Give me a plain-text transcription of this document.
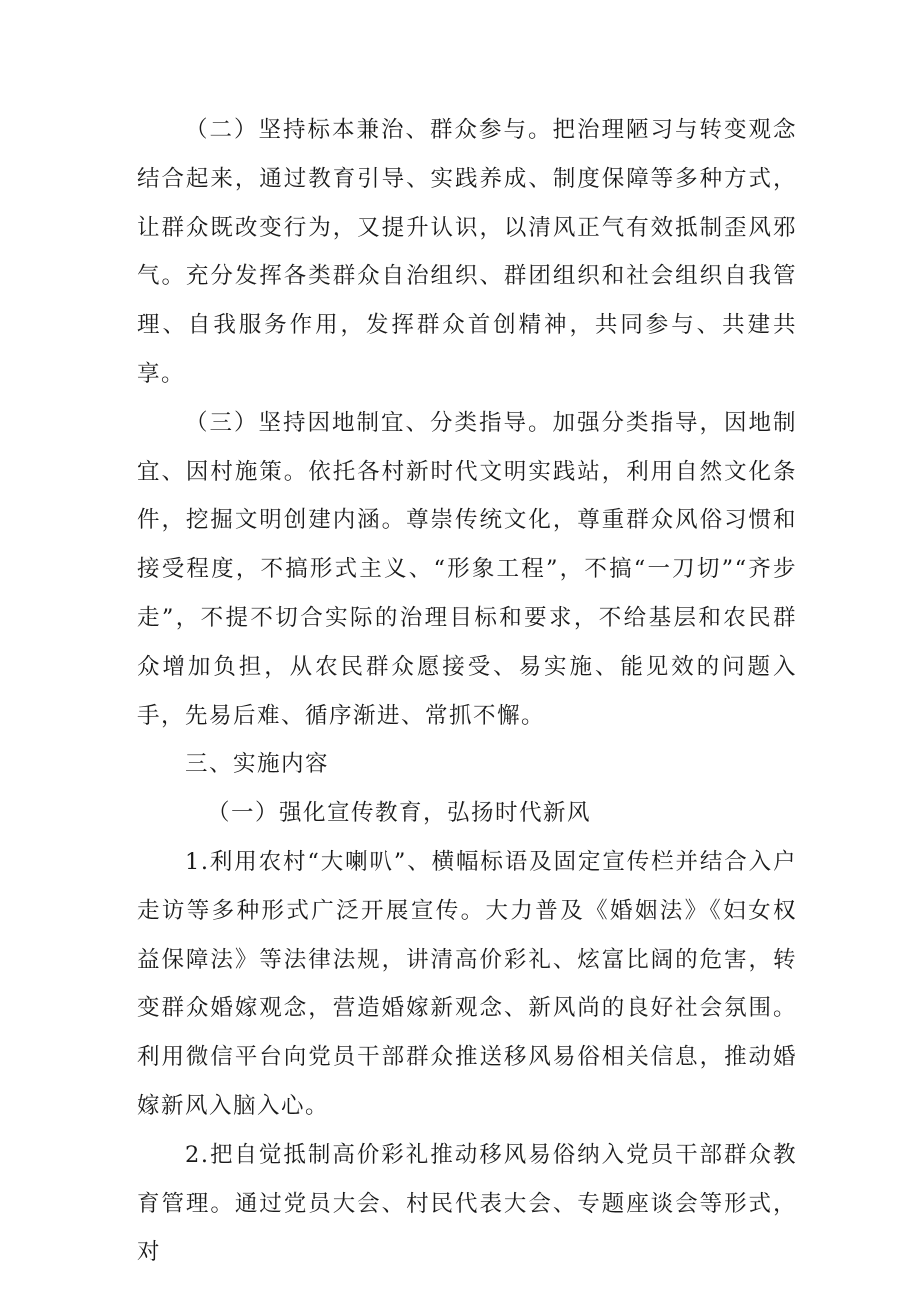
（二）坚持标本兼治、群众参与。把治理陋习与转变观念结合起来，通过教育引导、实践养成、制度保障等多种方式，让群众既改变行为，又提升认识，以清风正气有效抵制歪风邪气。充分发挥各类群众自治组织、群团组织和社会组织自我管理、自我服务作用，发挥群众首创精神，共同参与、共建共享。

（三）坚持因地制宜、分类指导。加强分类指导，因地制宜、因村施策。依托各村新时代文明实践站，利用自然文化条件，挖掘文明创建内涵。尊崇传统文化，尊重群众风俗习惯和接受程度，不搞形式主义、“形象工程”，不搞“一刀切”“齐步走”，不提不切合实际的治理目标和要求，不给基层和农民群众增加负担，从农民群众愿接受、易实施、能见效的问题入手，先易后难、循序渐进、常抓不懈。

三、实施内容

（一）强化宣传教育，弘扬时代新风

1.利用农村“大喇叭”、横幅标语及固定宣传栏并结合入户走访等多种形式广泛开展宣传。大力普及《婚姻法》《妇女权益保障法》等法律法规，讲清高价彩礼、炫富比阔的危害，转变群众婚嫁观念，营造婚嫁新观念、新风尚的良好社会氛围。利用微信平台向党员干部群众推送移风易俗相关信息，推动婚嫁新风入脑入心。

2.把自觉抵制高价彩礼推动移风易俗纳入党员干部群众教育管理。通过党员大会、村民代表大会、专题座谈会等形式，对
